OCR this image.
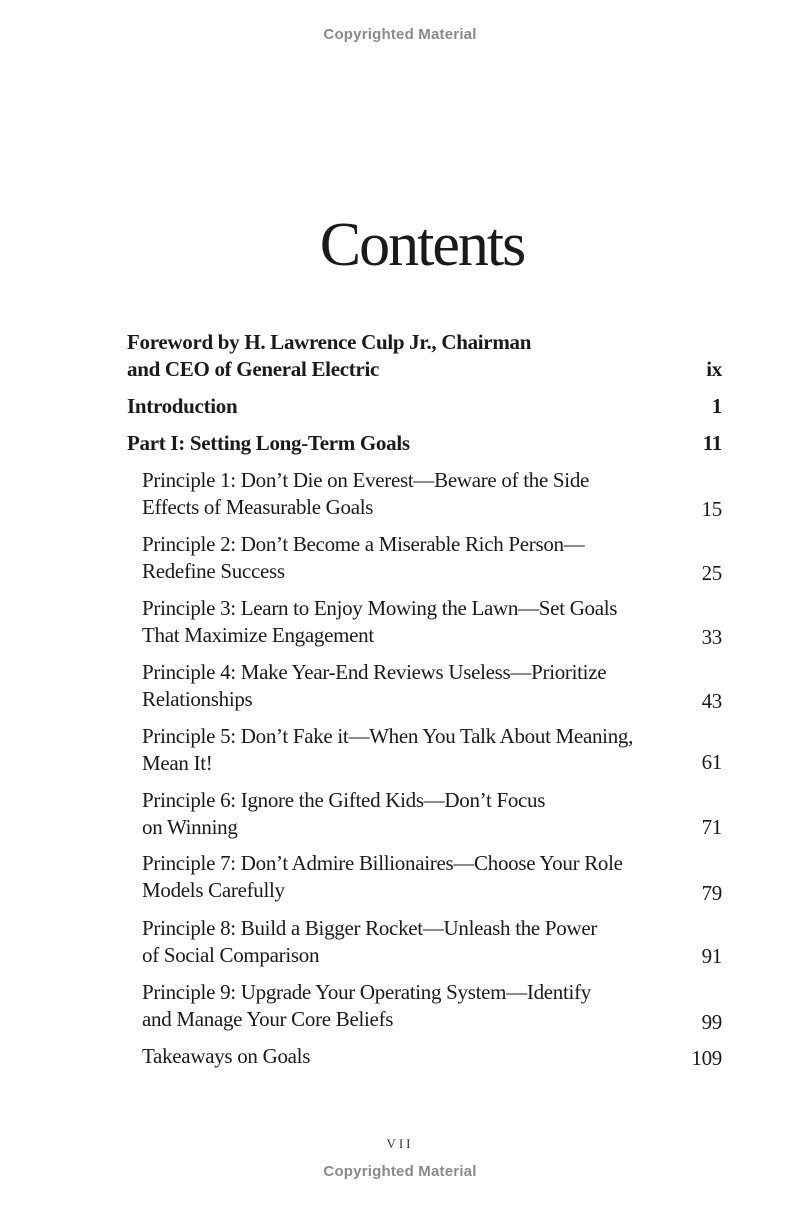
Copyrighted Material
Contents
Foreword by H. Lawrence Culp Jr., Chairman
and CEO of General Electric	ix
Introduction	1
Part I: Setting Long-Term Goals	11
Principle 1: Don’t Die on Everest—Beware of the Side
Effects of Measurable Goals	15
Principle 2: Don’t Become a Miserable Rich Person—
Redefine Success	25
Principle 3: Learn to Enjoy Mowing the Lawn—Set Goals
That Maximize Engagement	33
Principle 4: Make Year-End Reviews Useless—Prioritize
Relationships	43
Principle 5: Don’t Fake it—When You Talk About Meaning,
Mean It!	61
Principle 6: Ignore the Gifted Kids—Don’t Focus
on Winning	71
Principle 7: Don’t Admire Billionaires—Choose Your Role
Models Carefully	79
Principle 8: Build a Bigger Rocket—Unleash the Power
of Social Comparison	91
Principle 9: Upgrade Your Operating System—Identify
and Manage Your Core Beliefs	99
Takeaways on Goals	109
VII
Copyrighted Material
